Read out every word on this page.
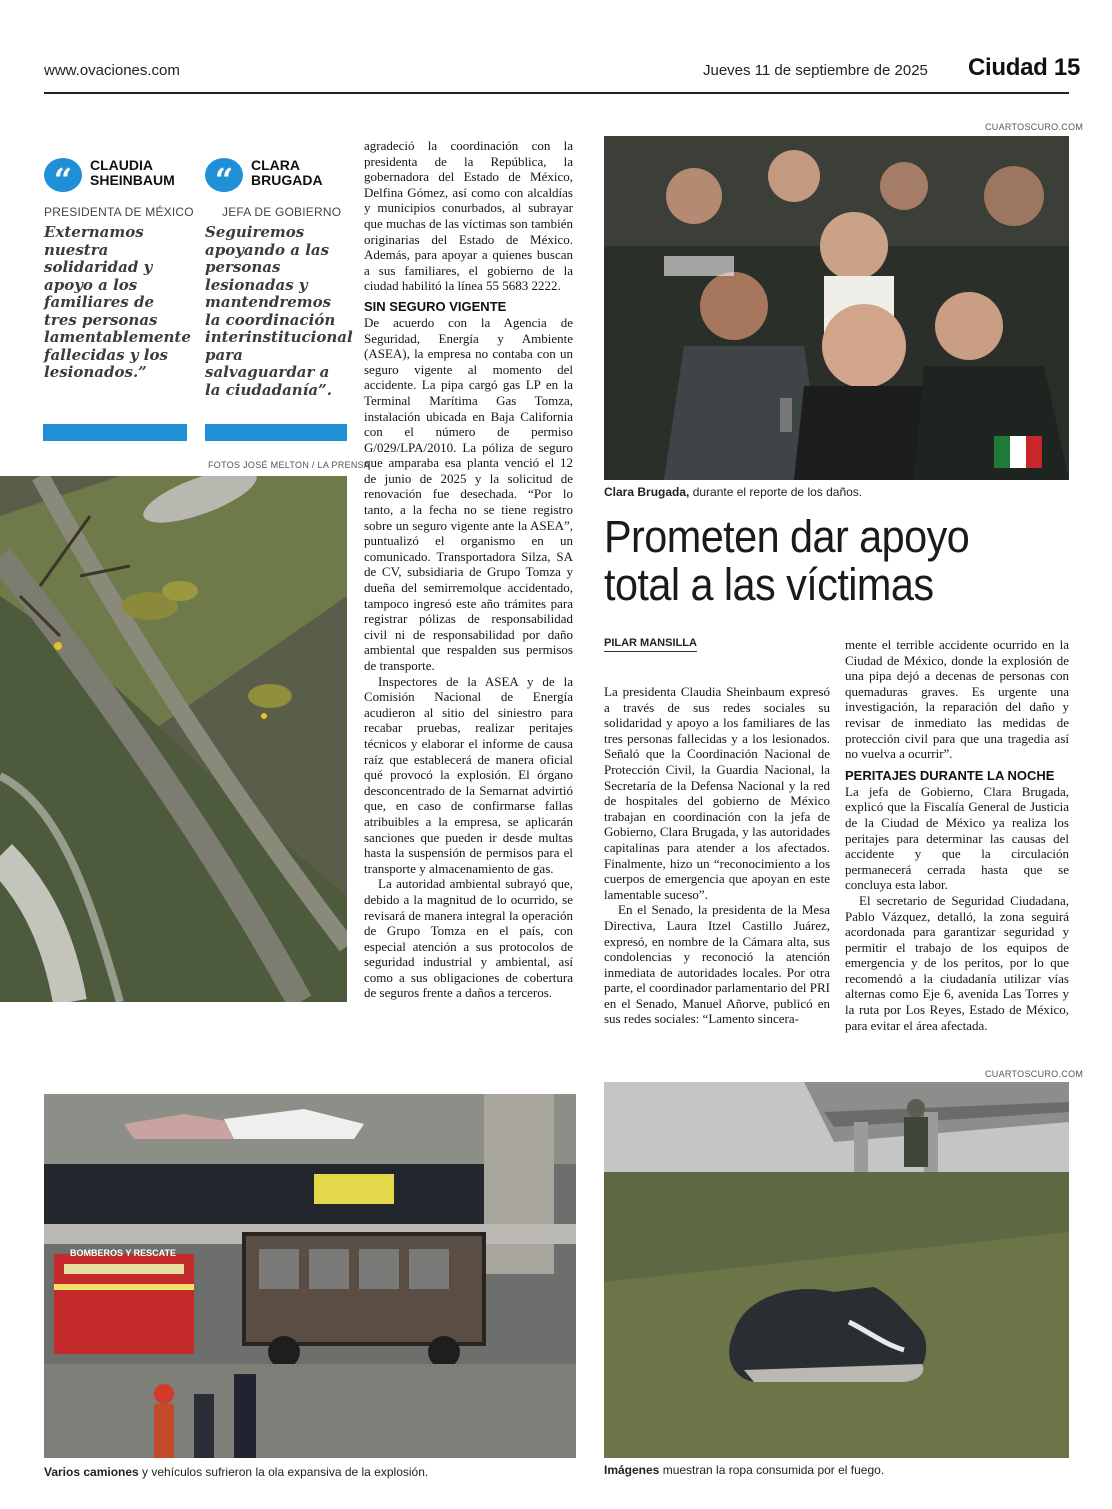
www.ovaciones.com	Jueves 11 de septiembre de 2025 Ciudad 15
“	CLAUDIA
SHEINBAUM
PRESIDENTA DE MÉXICO
Externamos nuestra solidaridad y apoyo a los familiares de tres personas lamentablemente fallecidas y los lesionados.”
“	CLARA
BRUGADA
JEFA DE GOBIERNO
Seguiremos apoyando a las personas lesionadas y mantendremos la coordinación interinstitucional para salvaguardar a la ciudadanía”.
FOTOS JOSÉ MELTON / LA PRENSA

agradeció la coordinación con la presidenta de la República, la gobernadora del Estado de México, Delfina Gómez, así como con alcaldías y municipios conurbados, al subrayar que muchas de las víctimas son también originarias del Estado de México. Además, para apoyar a quienes buscan a sus familiares, el gobierno de la ciudad habilitó la línea 55 5683 2222.

SIN SEGURO VIGENTE

De acuerdo con la Agencia de Seguridad, Energía y Ambiente (ASEA), la empresa no contaba con un seguro vigente al momento del accidente. La pipa cargó gas LP en la Terminal Marítima Gas Tomza, instalación ubicada en Baja California con el número de permiso G/029/LPA/2010. La póliza de seguro que amparaba esa planta venció el 12 de junio de 2025 y la solicitud de renovación fue desechada. “Por lo tanto, a la fecha no se tiene registro sobre un seguro vigente ante la ASEA”, puntualizó el organismo en un comunicado. Transportadora Silza, SA de CV, subsidiaria de Grupo Tomza y dueña del semirremolque accidentado, tampoco ingresó este año trámites para registrar pólizas de responsabilidad civil ni de responsabilidad por daño ambiental que respalden sus permisos de transporte.

Inspectores de la ASEA y de la Comisión Nacional de Energía acudieron al sitio del siniestro para recabar pruebas, realizar peritajes técnicos y elaborar el informe de causa raíz que establecerá de manera oficial qué provocó la explosión. El órgano desconcentrado de la Semarnat advirtió que, en caso de confirmarse fallas atribuibles a la empresa, se aplicarán sanciones que pueden ir desde multas hasta la suspensión de permisos para el transporte y almacenamiento de gas.

La autoridad ambiental subrayó que, debido a la magnitud de lo ocurrido, se revisará de manera integral la operación de Grupo Tomza en el país, con especial atención a sus protocolos de seguridad industrial y ambiental, así como a sus obligaciones de cobertura de seguros frente a daños a terceros.

CUARTOSCURO.COM
Clara Brugada, durante el reporte de los daños.
Prometen dar apoyo total a las víctimas
PILAR MANSILLA

La presidenta Claudia Sheinbaum expresó a través de sus redes sociales su solidaridad y apoyo a los familiares de las tres personas fallecidas y a los lesionados. Señaló que la Coordinación Nacional de Protección Civil, la Guardia Nacional, la Secretaría de la Defensa Nacional y la red de hospitales del gobierno de México trabajan en coordinación con la jefa de Gobierno, Clara Brugada, y las autoridades capitalinas para atender a los afectados. Finalmente, hizo un “reconocimiento a los cuerpos de emergencia que apoyan en este lamentable suceso”.

En el Senado, la presidenta de la Mesa Directiva, Laura Itzel Castillo Juárez, expresó, en nombre de la Cámara alta, sus condolencias y reconoció la atención inmediata de autoridades locales. Por otra parte, el coordinador parlamentario del PRI en el Senado, Manuel Añorve, publicó en sus redes sociales: “Lamento sincera-

mente el terrible accidente ocurrido en la Ciudad de México, donde la explosión de una pipa dejó a decenas de personas con quemaduras graves. Es urgente una investigación, la reparación del daño y revisar de inmediato las medidas de protección civil para que una tragedia así no vuelva a ocurrir”.

PERITAJES DURANTE LA NOCHE

La jefa de Gobierno, Clara Brugada, explicó que la Fiscalía General de Justicia de la Ciudad de México ya realiza los peritajes para determinar las causas del accidente y que la circulación permanecerá cerrada hasta que se concluya esta labor.

El secretario de Seguridad Ciudadana, Pablo Vázquez, detalló, la zona seguirá acordonada para garantizar seguridad y permitir el trabajo de los equipos de emergencia y de los peritos, por lo que recomendó a la ciudadanía utilizar vías alternas como Eje 6, avenida Las Torres y la ruta por Los Reyes, Estado de México, para evitar el área afectada.

BOMBEROS Y RESCATE
Varios camiones y vehículos sufrieron la ola expansiva de la explosión.
CUARTOSCURO.COM
Imágenes muestran la ropa consumida por el fuego.
